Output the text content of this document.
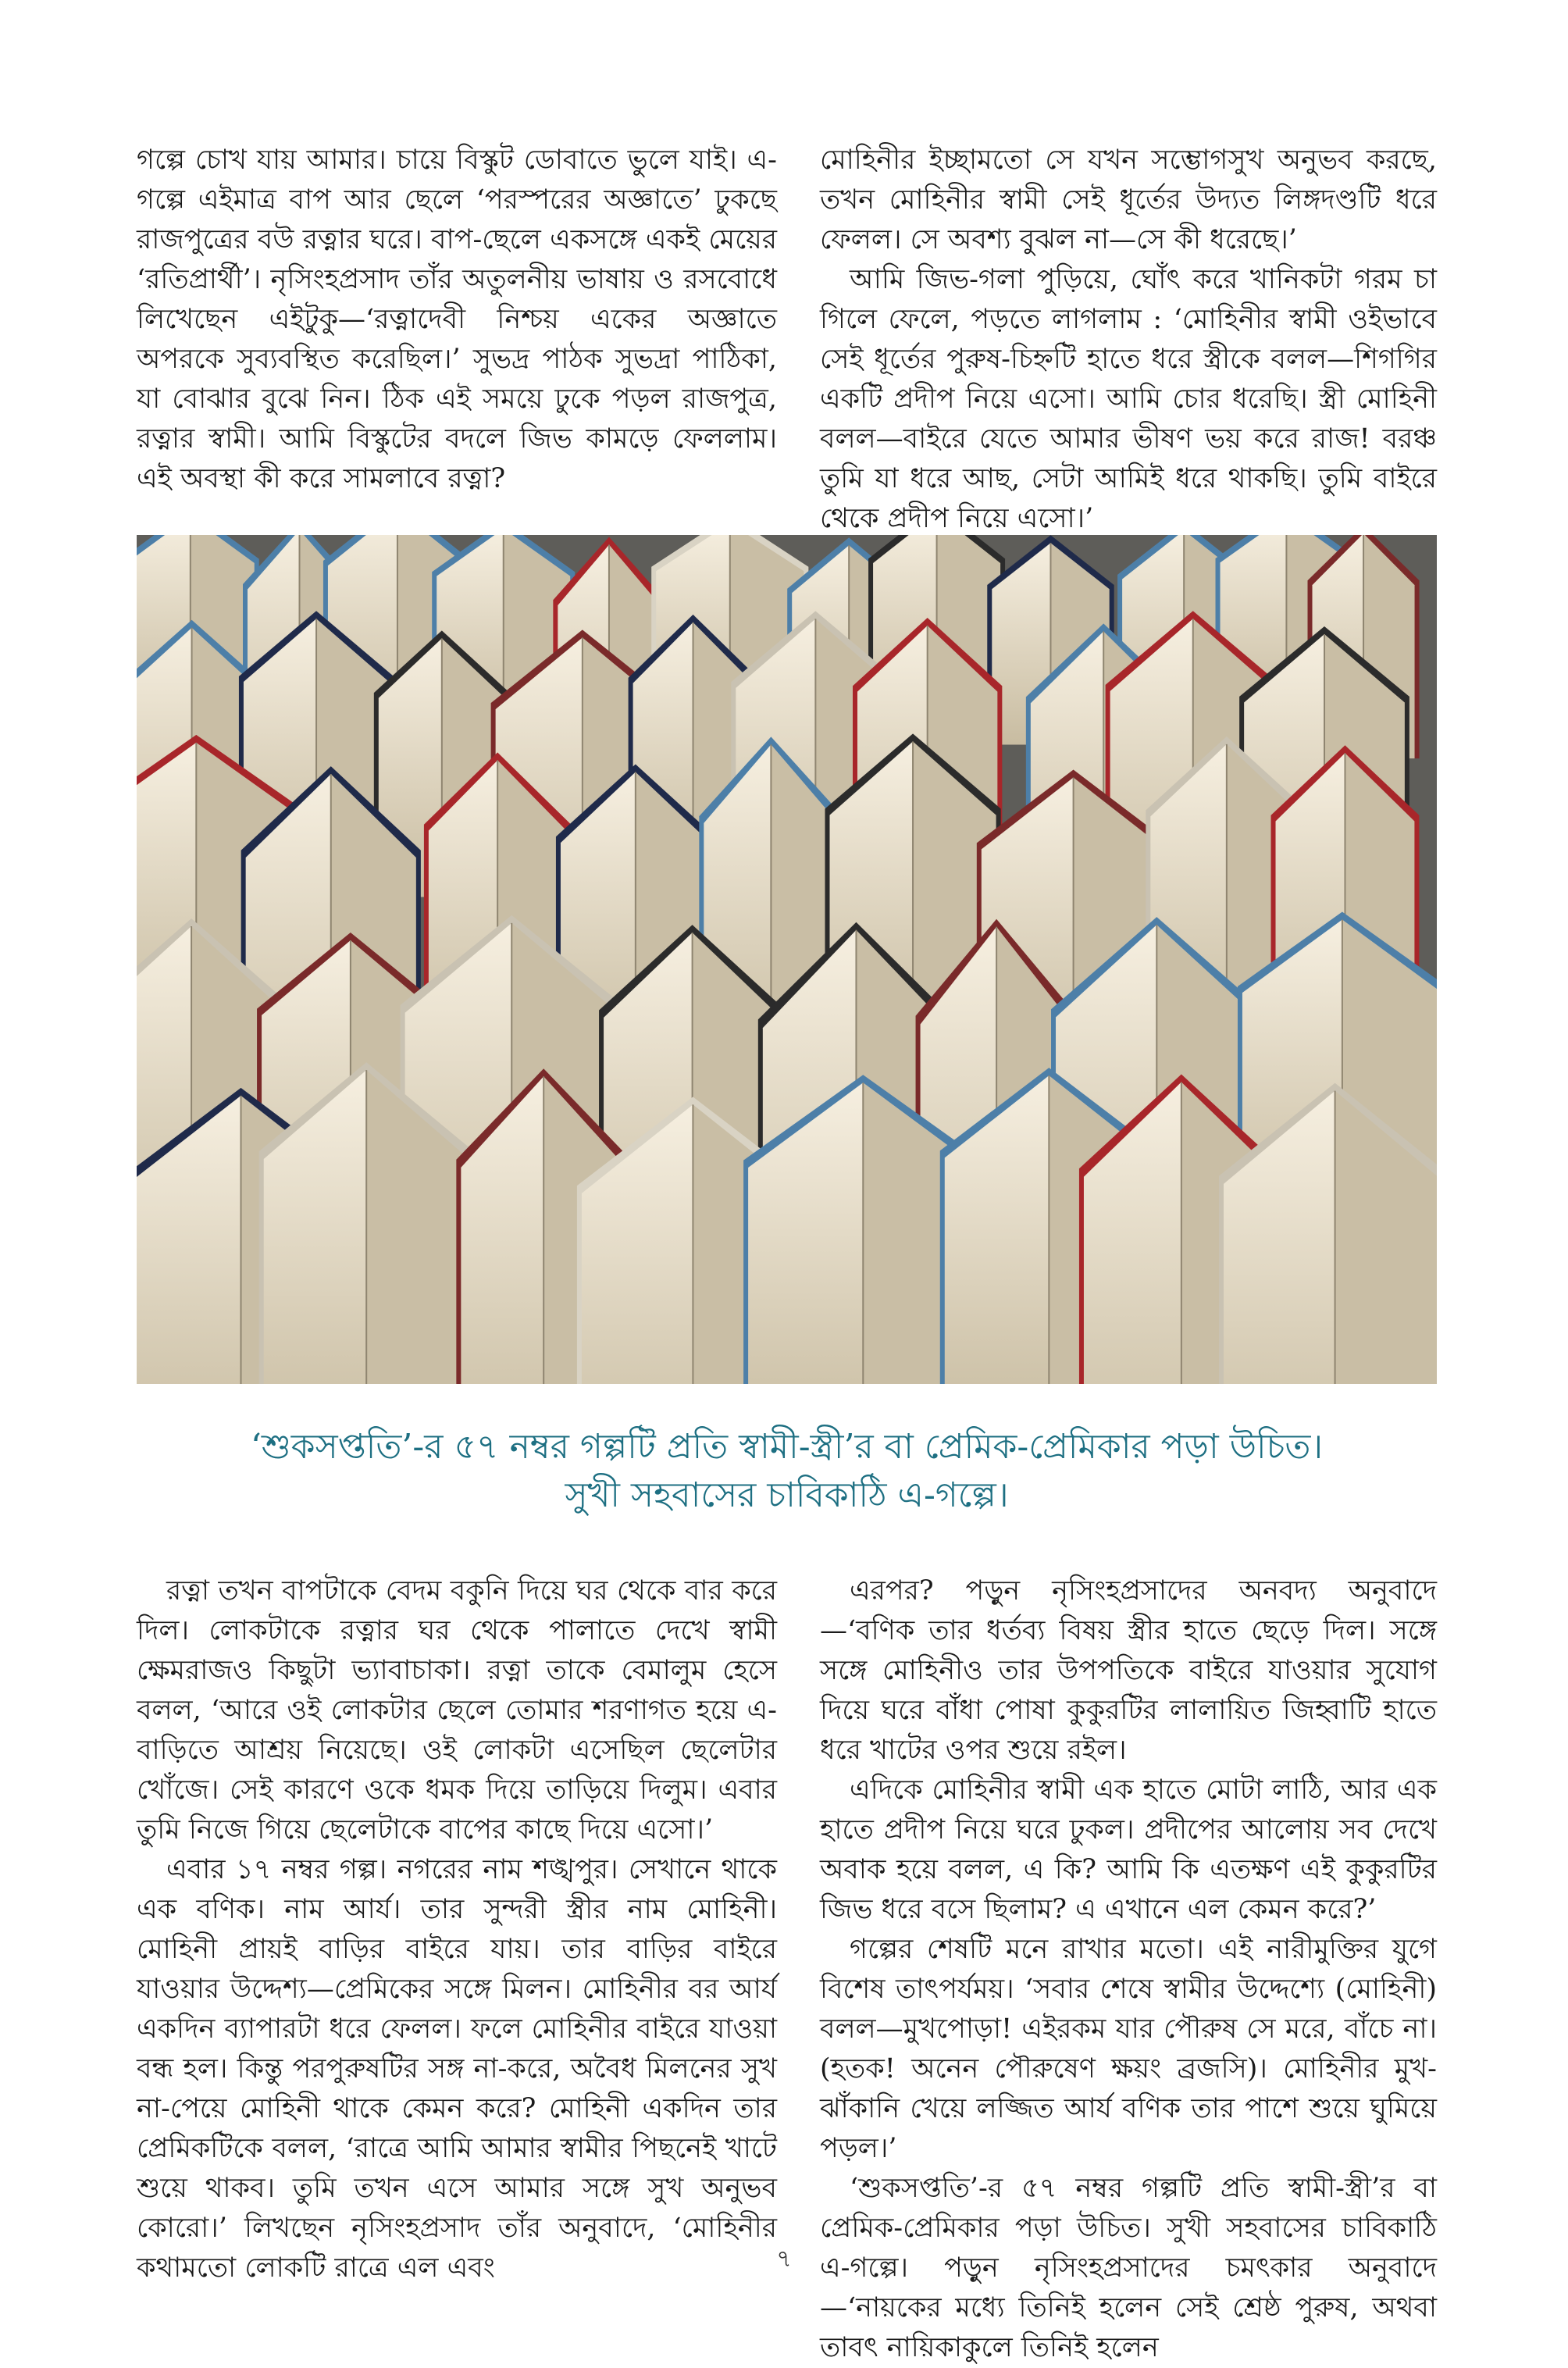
গল্পে চোখ যায় আমার। চায়ে বিস্কুট ডোবাতে ভুলে যাই। এ-গল্পে এইমাত্র বাপ আর ছেলে ‘পরস্পরের অজ্ঞাতে’ ঢুকছে রাজপুত্রের বউ রত্নার ঘরে। বাপ-ছেলে একসঙ্গে একই মেয়ের ‘রতিপ্রার্থী’। নৃসিংহপ্রসাদ তাঁর অতুলনীয় ভাষায় ও রসবোধে লিখেছেন এইটুকু—‘রত্নাদেবী নিশ্চয় একের অজ্ঞাতে অপরকে সুব্যবস্থিত করেছিল।’ সুভদ্র পাঠক সুভদ্রা পাঠিকা, যা বোঝার বুঝে নিন। ঠিক এই সময়ে ঢুকে পড়ল রাজপুত্র, রত্নার স্বামী। আমি বিস্কুটের বদলে জিভ কামড়ে ফেললাম। এই অবস্থা কী করে সামলাবে রত্না?

মোহিনীর ইচ্ছামতো সে যখন সম্ভোগসুখ অনুভব করছে, তখন মোহিনীর স্বামী সেই ধূর্তের উদ্যত লিঙ্গদণ্ডটি ধরে ফেলল। সে অবশ্য বুঝল না—সে কী ধরেছে।’

আমি জিভ-গলা পুড়িয়ে, ঘোঁৎ করে খানিকটা গরম চা গিলে ফেলে, পড়তে লাগলাম : ‘মোহিনীর স্বামী ওইভাবে সেই ধূর্তের পুরুষ-চিহ্নটি হাতে ধরে স্ত্রীকে বলল—শিগগির একটি প্রদীপ নিয়ে এসো। আমি চোর ধরেছি। স্ত্রী মোহিনী বলল—বাইরে যেতে আমার ভীষণ ভয় করে রাজ! বরঞ্চ তুমি যা ধরে আছ, সেটা আমিই ধরে থাকছি। তুমি বাইরে থেকে প্রদীপ নিয়ে এসো।’

‘শুকসপ্ততি’-র ৫৭ নম্বর গল্পটি প্রতি স্বামী-স্ত্রী’র বা প্রেমিক-প্রেমিকার পড়া উচিত।
সুখী সহবাসের চাবিকাঠি এ-গল্পে।

রত্না তখন বাপটাকে বেদম বকুনি দিয়ে ঘর থেকে বার করে দিল। লোকটাকে রত্নার ঘর থেকে পালাতে দেখে স্বামী ক্ষেমরাজও কিছুটা ভ্যাবাচাকা। রত্না তাকে বেমালুম হেসে বলল, ‘আরে ওই লোকটার ছেলে তোমার শরণাগত হয়ে এ-বাড়িতে আশ্রয় নিয়েছে। ওই লোকটা এসেছিল ছেলেটার খোঁজে। সেই কারণে ওকে ধমক দিয়ে তাড়িয়ে দিলুম। এবার তুমি নিজে গিয়ে ছেলেটাকে বাপের কাছে দিয়ে এসো।’

এবার ১৭ নম্বর গল্প। নগরের নাম শঙ্খপুর। সেখানে থাকে এক বণিক। নাম আর্য। তার সুন্দরী স্ত্রীর নাম মোহিনী। মোহিনী প্রায়ই বাড়ির বাইরে যায়। তার বাড়ির বাইরে যাওয়ার উদ্দেশ্য—প্রেমিকের সঙ্গে মিলন। মোহিনীর বর আর্য একদিন ব্যাপারটা ধরে ফেলল। ফলে মোহিনীর বাইরে যাওয়া বন্ধ হল। কিন্তু পরপুরুষটির সঙ্গ না-করে, অবৈধ মিলনের সুখ না-পেয়ে মোহিনী থাকে কেমন করে? মোহিনী একদিন তার প্রেমিকটিকে বলল, ‘রাত্রে আমি আমার স্বামীর পিছনেই খাটে শুয়ে থাকব। তুমি তখন এসে আমার সঙ্গে সুখ অনুভব কোরো।’ লিখছেন নৃসিংহপ্রসাদ তাঁর অনুবাদে, ‘মোহিনীর কথামতো লোকটি রাত্রে এল এবং

এরপর? পড়ুন নৃসিংহপ্রসাদের অনবদ্য অনুবাদে—‘বণিক তার ধর্তব্য বিষয় স্ত্রীর হাতে ছেড়ে দিল। সঙ্গে সঙ্গে মোহিনীও তার উপপতিকে বাইরে যাওয়ার সুযোগ দিয়ে ঘরে বাঁধা পোষা কুকুরটির লালায়িত জিহ্বাটি হাতে ধরে খাটের ওপর শুয়ে রইল।

এদিকে মোহিনীর স্বামী এক হাতে মোটা লাঠি, আর এক হাতে প্রদীপ নিয়ে ঘরে ঢুকল। প্রদীপের আলোয় সব দেখে অবাক হয়ে বলল, এ কি? আমি কি এতক্ষণ এই কুকুরটির জিভ ধরে বসে ছিলাম? এ এখানে এল কেমন করে?’

গল্পের শেষটি মনে রাখার মতো। এই নারীমুক্তির যুগে বিশেষ তাৎপর্যময়। ‘সবার শেষে স্বামীর উদ্দেশ্যে (মোহিনী) বলল—মুখপোড়া! এইরকম যার পৌরুষ সে মরে, বাঁচে না। (হতক! অনেন পৌরুষেণ ক্ষয়ং ব্রজসি)। মোহিনীর মুখ-ঝাঁকানি খেয়ে লজ্জিত আর্য বণিক তার পাশে শুয়ে ঘুমিয়ে পড়ল।’

‘শুকসপ্ততি’-র ৫৭ নম্বর গল্পটি প্রতি স্বামী-স্ত্রী’র বা প্রেমিক-প্রেমিকার পড়া উচিত। সুখী সহবাসের চাবিকাঠি এ-গল্পে। পড়ুন নৃসিংহপ্রসাদের চমৎকার অনুবাদে—‘নায়কের মধ্যে তিনিই হলেন সেই শ্রেষ্ঠ পুরুষ, অথবা তাবৎ নায়িকাকুলে তিনিই হলেন

৭
